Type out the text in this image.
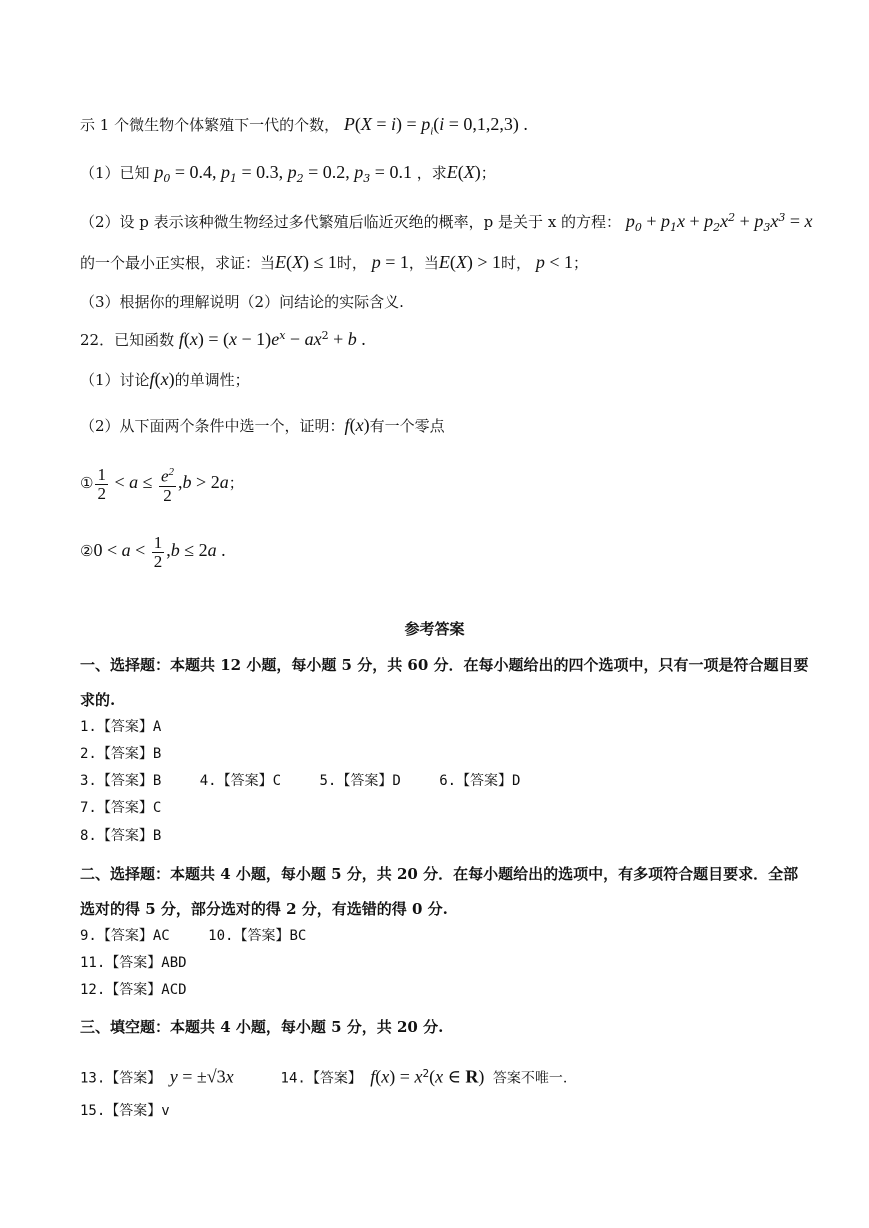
示 1 个微生物个体繁殖下一代的个数， $P(X = i) = p_i(i = 0,1,2,3)$ .
（1）已知 $p_0 = 0.4$, $p_1 = 0.3$, $p_2 = 0.2$, $p_3 = 0.1$ ，求E(X)；
（2）设 p 表示该种微生物经过多代繁殖后临近灭绝的概率，p 是关于 x 的方程： $p_0 + p_1x + p_2x^2 + p_3x^3 = x$
的一个最小正实根，求证：当E(X) ≤ 1时， p = 1，当E(X) > 1时， p < 1；
（3）根据你的理解说明（2）问结论的实际含义.
22．已知函数 $f(x) = (x - 1)e^x - ax^2 + b$ .
（1）讨论f(x)的单调性；
（2）从下面两个条件中选一个，证明：f(x)有一个零点
① $\frac{1}{2} < a \le \frac{e^2}{2} ,b > 2a$；
②0 < $a < \frac{1}{2} ,b \le 2a$ .
参考答案
一、选择题：本题共 12 小题，每小题 5 分，共 60 分．在每小题给出的四个选项中，只有一项是符合题目要
求的.
1.【答案】A
2.【答案】B
3.【答案】B	4.【答案】C	5.【答案】D	6.【答案】D
7.【答案】C
8.【答案】B
二、选择题：本题共 4 小题，每小题 5 分，共 20 分．在每小题给出的选项中，有多项符合题目要求．全部
选对的得 5 分，部分选对的得 2 分，有选错的得 0 分.
9.【答案】AC	10.【答案】BC
11.【答案】ABD
12.【答案】ACD
三、填空题：本题共 4 小题，每小题 5 分，共 20 分.
13.【答案】 y = ±√3x	14.【答案】 $f(x) = x^2(x$ ∈ R) 答案不唯一.
15.【答案】v
